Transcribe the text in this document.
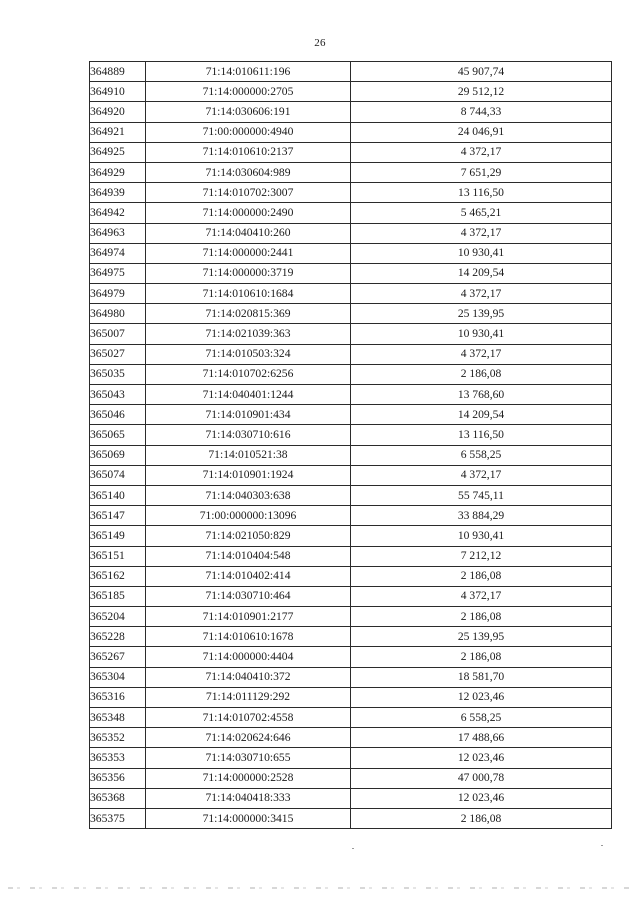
26
364889	71:14:010611:196	45 907,74
364910	71:14:000000:2705	29 512,12
364920	71:14:030606:191	8 744,33
364921	71:00:000000:4940	24 046,91
364925	71:14:010610:2137	4 372,17
364929	71:14:030604:989	7 651,29
364939	71:14:010702:3007	13 116,50
364942	71:14:000000:2490	5 465,21
364963	71:14:040410:260	4 372,17
364974	71:14:000000:2441	10 930,41
364975	71:14:000000:3719	14 209,54
364979	71:14:010610:1684	4 372,17
364980	71:14:020815:369	25 139,95
365007	71:14:021039:363	10 930,41
365027	71:14:010503:324	4 372,17
365035	71:14:010702:6256	2 186,08
365043	71:14:040401:1244	13 768,60
365046	71:14:010901:434	14 209,54
365065	71:14:030710:616	13 116,50
365069	71:14:010521:38	6 558,25
365074	71:14:010901:1924	4 372,17
365140	71:14:040303:638	55 745,11
365147	71:00:000000:13096	33 884,29
365149	71:14:021050:829	10 930,41
365151	71:14:010404:548	7 212,12
365162	71:14:010402:414	2 186,08
365185	71:14:030710:464	4 372,17
365204	71:14:010901:2177	2 186,08
365228	71:14:010610:1678	25 139,95
365267	71:14:000000:4404	2 186,08
365304	71:14:040410:372	18 581,70
365316	71:14:011129:292	12 023,46
365348	71:14:010702:4558	6 558,25
365352	71:14:020624:646	17 488,66
365353	71:14:030710:655	12 023,46
365356	71:14:000000:2528	47 000,78
365368	71:14:040418:333	12 023,46
365375	71:14:000000:3415	2 186,08
